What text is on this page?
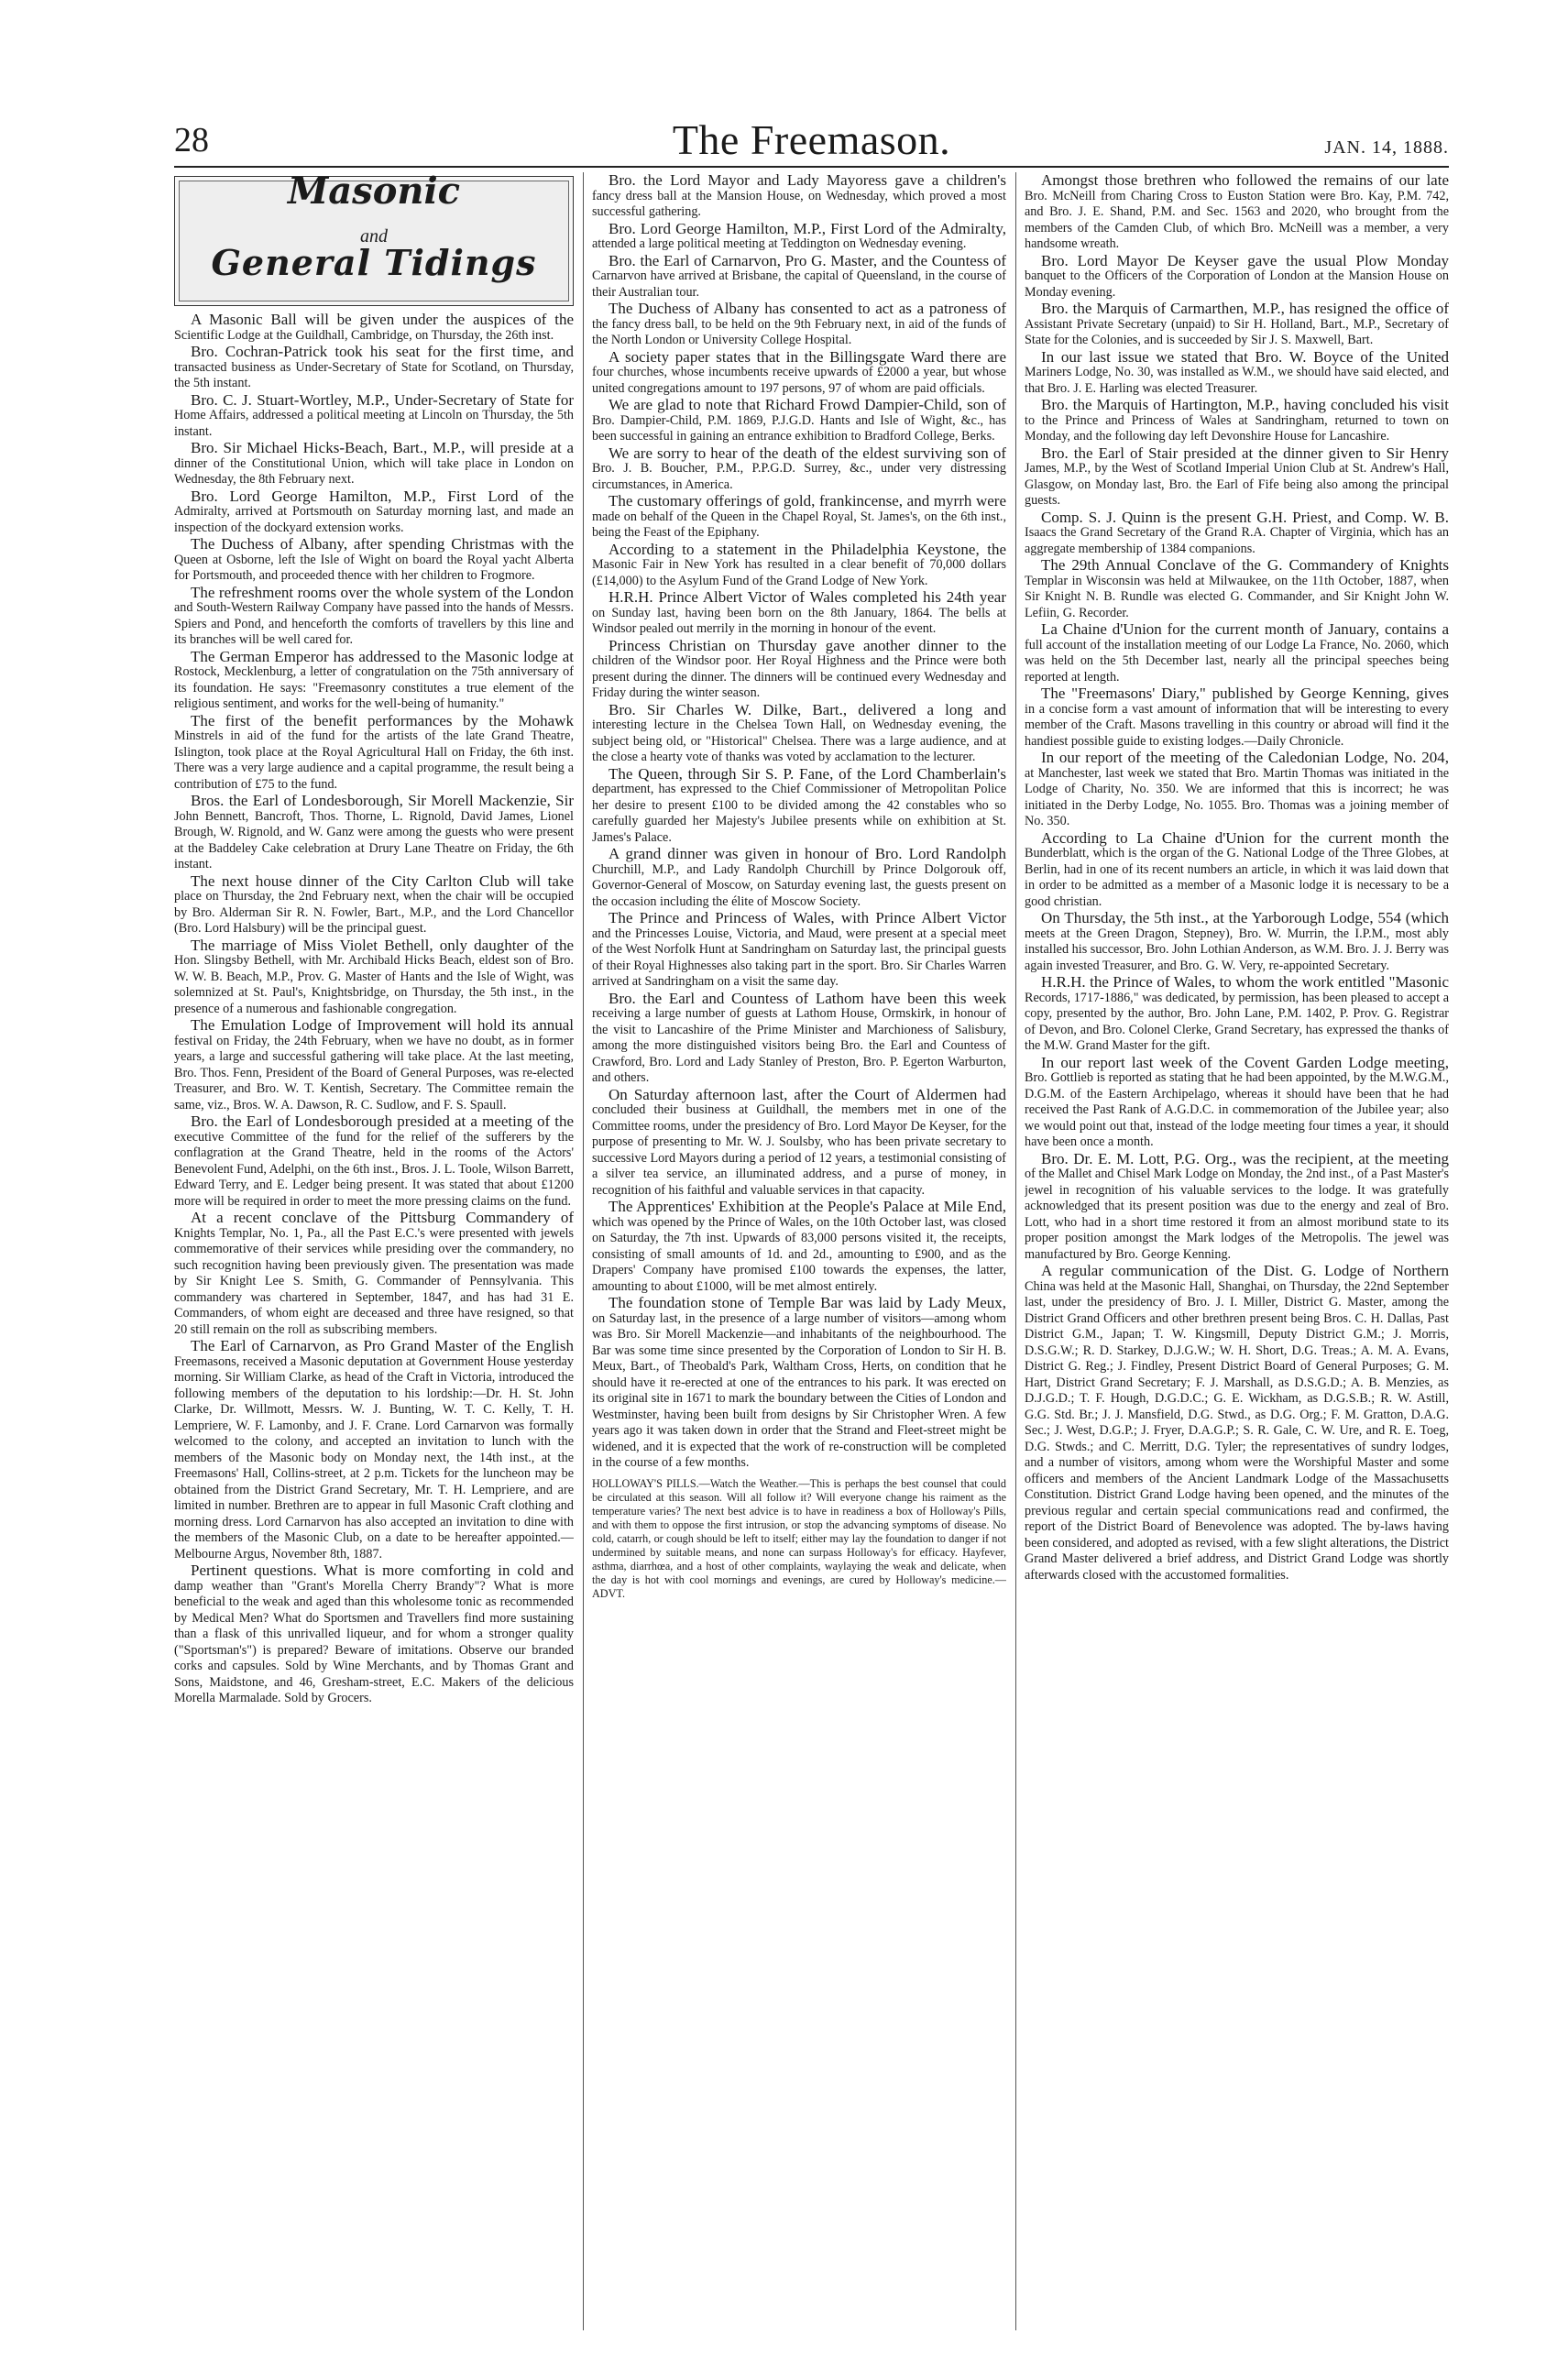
28	The Freemason.	JAN. 14, 1888.
Masonic
and
General Tidings

A Masonic Ball will be given under the auspices of the Scientific Lodge at the Guildhall, Cambridge, on Thursday, the 26th inst.

Bro. Cochran-Patrick took his seat for the first time, and transacted business as Under-Secretary of State for Scotland, on Thursday, the 5th instant.

Bro. C. J. Stuart-Wortley, M.P., Under-Secretary of State for Home Affairs, addressed a political meeting at Lincoln on Thursday, the 5th instant.

Bro. Sir Michael Hicks-Beach, Bart., M.P., will preside at a dinner of the Constitutional Union, which will take place in London on Wednesday, the 8th February next.

Bro. Lord George Hamilton, M.P., First Lord of the Admiralty, arrived at Portsmouth on Saturday morning last, and made an inspection of the dockyard extension works.

The Duchess of Albany, after spending Christmas with the Queen at Osborne, left the Isle of Wight on board the Royal yacht Alberta for Portsmouth, and proceeded thence with her children to Frogmore.

The refreshment rooms over the whole system of the London and South-Western Railway Company have passed into the hands of Messrs. Spiers and Pond, and henceforth the comforts of travellers by this line and its branches will be well cared for.

The German Emperor has addressed to the Masonic lodge at Rostock, Mecklenburg, a letter of congratulation on the 75th anniversary of its foundation. He says: "Freemasonry constitutes a true element of the religious sentiment, and works for the well-being of humanity."

The first of the benefit performances by the Mohawk Minstrels in aid of the fund for the artists of the late Grand Theatre, Islington, took place at the Royal Agricultural Hall on Friday, the 6th inst. There was a very large audience and a capital programme, the result being a contribution of £75 to the fund.

Bros. the Earl of Londesborough, Sir Morell Mackenzie, Sir John Bennett, Bancroft, Thos. Thorne, L. Rignold, David James, Lionel Brough, W. Rignold, and W. Ganz were among the guests who were present at the Baddeley Cake celebration at Drury Lane Theatre on Friday, the 6th instant.

The next house dinner of the City Carlton Club will take place on Thursday, the 2nd February next, when the chair will be occupied by Bro. Alderman Sir R. N. Fowler, Bart., M.P., and the Lord Chancellor (Bro. Lord Halsbury) will be the principal guest.

The marriage of Miss Violet Bethell, only daughter of the Hon. Slingsby Bethell, with Mr. Archibald Hicks Beach, eldest son of Bro. W. W. B. Beach, M.P., Prov. G. Master of Hants and the Isle of Wight, was solemnized at St. Paul's, Knightsbridge, on Thursday, the 5th inst., in the presence of a numerous and fashionable congregation.

The Emulation Lodge of Improvement will hold its annual festival on Friday, the 24th February, when we have no doubt, as in former years, a large and successful gathering will take place. At the last meeting, Bro. Thos. Fenn, President of the Board of General Purposes, was re-elected Treasurer, and Bro. W. T. Kentish, Secretary. The Committee remain the same, viz., Bros. W. A. Dawson, R. C. Sudlow, and F. S. Spaull.

Bro. the Earl of Londesborough presided at a meeting of the executive Committee of the fund for the relief of the sufferers by the conflagration at the Grand Theatre, held in the rooms of the Actors' Benevolent Fund, Adelphi, on the 6th inst., Bros. J. L. Toole, Wilson Barrett, Edward Terry, and E. Ledger being present. It was stated that about £1200 more will be required in order to meet the more pressing claims on the fund.

At a recent conclave of the Pittsburg Commandery of Knights Templar, No. 1, Pa., all the Past E.C.'s were presented with jewels commemorative of their services while presiding over the commandery, no such recognition having been previously given. The presentation was made by Sir Knight Lee S. Smith, G. Commander of Pennsylvania. This commandery was chartered in September, 1847, and has had 31 E. Commanders, of whom eight are deceased and three have resigned, so that 20 still remain on the roll as subscribing members.

The Earl of Carnarvon, as Pro Grand Master of the English Freemasons, received a Masonic deputation at Government House yesterday morning. Sir William Clarke, as head of the Craft in Victoria, introduced the following members of the deputation to his lordship:—Dr. H. St. John Clarke, Dr. Willmott, Messrs. W. J. Bunting, W. T. C. Kelly, T. H. Lempriere, W. F. Lamonby, and J. F. Crane. Lord Carnarvon was formally welcomed to the colony, and accepted an invitation to lunch with the members of the Masonic body on Monday next, the 14th inst., at the Freemasons' Hall, Collins-street, at 2 p.m. Tickets for the luncheon may be obtained from the District Grand Secretary, Mr. T. H. Lempriere, and are limited in number. Brethren are to appear in full Masonic Craft clothing and morning dress. Lord Carnarvon has also accepted an invitation to dine with the members of the Masonic Club, on a date to be hereafter appointed.—Melbourne Argus, November 8th, 1887.

Pertinent questions. What is more comforting in cold and damp weather than "Grant's Morella Cherry Brandy"? What is more beneficial to the weak and aged than this wholesome tonic as recommended by Medical Men? What do Sportsmen and Travellers find more sustaining than a flask of this unrivalled liqueur, and for whom a stronger quality ("Sportsman's") is prepared? Beware of imitations. Observe our branded corks and capsules. Sold by Wine Merchants, and by Thomas Grant and Sons, Maidstone, and 46, Gresham-street, E.C. Makers of the delicious Morella Marmalade. Sold by Grocers.

Bro. the Lord Mayor and Lady Mayoress gave a children's fancy dress ball at the Mansion House, on Wednesday, which proved a most successful gathering.

Bro. Lord George Hamilton, M.P., First Lord of the Admiralty, attended a large political meeting at Teddington on Wednesday evening.

Bro. the Earl of Carnarvon, Pro G. Master, and the Countess of Carnarvon have arrived at Brisbane, the capital of Queensland, in the course of their Australian tour.

The Duchess of Albany has consented to act as a patroness of the fancy dress ball, to be held on the 9th February next, in aid of the funds of the North London or University College Hospital.

A society paper states that in the Billingsgate Ward there are four churches, whose incumbents receive upwards of £2000 a year, but whose united congregations amount to 197 persons, 97 of whom are paid officials.

We are glad to note that Richard Frowd Dampier-Child, son of Bro. Dampier-Child, P.M. 1869, P.J.G.D. Hants and Isle of Wight, &c., has been successful in gaining an entrance exhibition to Bradford College, Berks.

We are sorry to hear of the death of the eldest surviving son of Bro. J. B. Boucher, P.M., P.P.G.D. Surrey, &c., under very distressing circumstances, in America.

The customary offerings of gold, frankincense, and myrrh were made on behalf of the Queen in the Chapel Royal, St. James's, on the 6th inst., being the Feast of the Epiphany.

According to a statement in the Philadelphia Keystone, the Masonic Fair in New York has resulted in a clear benefit of 70,000 dollars (£14,000) to the Asylum Fund of the Grand Lodge of New York.

H.R.H. Prince Albert Victor of Wales completed his 24th year on Sunday last, having been born on the 8th January, 1864. The bells at Windsor pealed out merrily in the morning in honour of the event.

Princess Christian on Thursday gave another dinner to the children of the Windsor poor. Her Royal Highness and the Prince were both present during the dinner. The dinners will be continued every Wednesday and Friday during the winter season.

Bro. Sir Charles W. Dilke, Bart., delivered a long and interesting lecture in the Chelsea Town Hall, on Wednesday evening, the subject being old, or "Historical" Chelsea. There was a large audience, and at the close a hearty vote of thanks was voted by acclamation to the lecturer.

The Queen, through Sir S. P. Fane, of the Lord Chamberlain's department, has expressed to the Chief Commissioner of Metropolitan Police her desire to present £100 to be divided among the 42 constables who so carefully guarded her Majesty's Jubilee presents while on exhibition at St. James's Palace.

A grand dinner was given in honour of Bro. Lord Randolph Churchill, M.P., and Lady Randolph Churchill by Prince Dolgorouk off, Governor-General of Moscow, on Saturday evening last, the guests present on the occasion including the élite of Moscow Society.

The Prince and Princess of Wales, with Prince Albert Victor and the Princesses Louise, Victoria, and Maud, were present at a special meet of the West Norfolk Hunt at Sandringham on Saturday last, the principal guests of their Royal Highnesses also taking part in the sport. Bro. Sir Charles Warren arrived at Sandringham on a visit the same day.

Bro. the Earl and Countess of Lathom have been this week receiving a large number of guests at Lathom House, Ormskirk, in honour of the visit to Lancashire of the Prime Minister and Marchioness of Salisbury, among the more distinguished visitors being Bro. the Earl and Countess of Crawford, Bro. Lord and Lady Stanley of Preston, Bro. P. Egerton Warburton, and others.

On Saturday afternoon last, after the Court of Aldermen had concluded their business at Guildhall, the members met in one of the Committee rooms, under the presidency of Bro. Lord Mayor De Keyser, for the purpose of presenting to Mr. W. J. Soulsby, who has been private secretary to successive Lord Mayors during a period of 12 years, a testimonial consisting of a silver tea service, an illuminated address, and a purse of money, in recognition of his faithful and valuable services in that capacity.

The Apprentices' Exhibition at the People's Palace at Mile End, which was opened by the Prince of Wales, on the 10th October last, was closed on Saturday, the 7th inst. Upwards of 83,000 persons visited it, the receipts, consisting of small amounts of 1d. and 2d., amounting to £900, and as the Drapers' Company have promised £100 towards the expenses, the latter, amounting to about £1000, will be met almost entirely.

The foundation stone of Temple Bar was laid by Lady Meux, on Saturday last, in the presence of a large number of visitors—among whom was Bro. Sir Morell Mackenzie—and inhabitants of the neighbourhood. The Bar was some time since presented by the Corporation of London to Sir H. B. Meux, Bart., of Theobald's Park, Waltham Cross, Herts, on condition that he should have it re-erected at one of the entrances to his park. It was erected on its original site in 1671 to mark the boundary between the Cities of London and Westminster, having been built from designs by Sir Christopher Wren. A few years ago it was taken down in order that the Strand and Fleet-street might be widened, and it is expected that the work of re-construction will be completed in the course of a few months.

HOLLOWAY'S PILLS.—Watch the Weather.—This is perhaps the best counsel that could be circulated at this season. Will all follow it? Will everyone change his raiment as the temperature varies? The next best advice is to have in readiness a box of Holloway's Pills, and with them to oppose the first intrusion, or stop the advancing symptoms of disease. No cold, catarrh, or cough should be left to itself; either may lay the foundation to danger if not undermined by suitable means, and none can surpass Holloway's for efficacy. Hayfever, asthma, diarrhœa, and a host of other complaints, waylaying the weak and delicate, when the day is hot with cool mornings and evenings, are cured by Holloway's medicine.—ADVT.

Amongst those brethren who followed the remains of our late Bro. McNeill from Charing Cross to Euston Station were Bro. Kay, P.M. 742, and Bro. J. E. Shand, P.M. and Sec. 1563 and 2020, who brought from the members of the Camden Club, of which Bro. McNeill was a member, a very handsome wreath.

Bro. Lord Mayor De Keyser gave the usual Plow Monday banquet to the Officers of the Corporation of London at the Mansion House on Monday evening.

Bro. the Marquis of Carmarthen, M.P., has resigned the office of Assistant Private Secretary (unpaid) to Sir H. Holland, Bart., M.P., Secretary of State for the Colonies, and is succeeded by Sir J. S. Maxwell, Bart.

In our last issue we stated that Bro. W. Boyce of the United Mariners Lodge, No. 30, was installed as W.M., we should have said elected, and that Bro. J. E. Harling was elected Treasurer.

Bro. the Marquis of Hartington, M.P., having concluded his visit to the Prince and Princess of Wales at Sandringham, returned to town on Monday, and the following day left Devonshire House for Lancashire.

Bro. the Earl of Stair presided at the dinner given to Sir Henry James, M.P., by the West of Scotland Imperial Union Club at St. Andrew's Hall, Glasgow, on Monday last, Bro. the Earl of Fife being also among the principal guests.

Comp. S. J. Quinn is the present G.H. Priest, and Comp. W. B. Isaacs the Grand Secretary of the Grand R.A. Chapter of Virginia, which has an aggregate membership of 1384 companions.

The 29th Annual Conclave of the G. Commandery of Knights Templar in Wisconsin was held at Milwaukee, on the 11th October, 1887, when Sir Knight N. B. Rundle was elected G. Commander, and Sir Knight John W. Lefiin, G. Recorder.

La Chaine d'Union for the current month of January, contains a full account of the installation meeting of our Lodge La France, No. 2060, which was held on the 5th December last, nearly all the principal speeches being reported at length.

The "Freemasons' Diary," published by George Kenning, gives in a concise form a vast amount of information that will be interesting to every member of the Craft. Masons travelling in this country or abroad will find it the handiest possible guide to existing lodges.—Daily Chronicle.

In our report of the meeting of the Caledonian Lodge, No. 204, at Manchester, last week we stated that Bro. Martin Thomas was initiated in the Lodge of Charity, No. 350. We are informed that this is incorrect; he was initiated in the Derby Lodge, No. 1055. Bro. Thomas was a joining member of No. 350.

According to La Chaine d'Union for the current month the Bunderblatt, which is the organ of the G. National Lodge of the Three Globes, at Berlin, had in one of its recent numbers an article, in which it was laid down that in order to be admitted as a member of a Masonic lodge it is necessary to be a good christian.

On Thursday, the 5th inst., at the Yarborough Lodge, 554 (which meets at the Green Dragon, Stepney), Bro. W. Murrin, the I.P.M., most ably installed his successor, Bro. John Lothian Anderson, as W.M. Bro. J. J. Berry was again invested Treasurer, and Bro. G. W. Very, re-appointed Secretary.

H.R.H. the Prince of Wales, to whom the work entitled "Masonic Records, 1717-1886," was dedicated, by permission, has been pleased to accept a copy, presented by the author, Bro. John Lane, P.M. 1402, P. Prov. G. Registrar of Devon, and Bro. Colonel Clerke, Grand Secretary, has expressed the thanks of the M.W. Grand Master for the gift.

In our report last week of the Covent Garden Lodge meeting, Bro. Gottlieb is reported as stating that he had been appointed, by the M.W.G.M., D.G.M. of the Eastern Archipelago, whereas it should have been that he had received the Past Rank of A.G.D.C. in commemoration of the Jubilee year; also we would point out that, instead of the lodge meeting four times a year, it should have been once a month.

Bro. Dr. E. M. Lott, P.G. Org., was the recipient, at the meeting of the Mallet and Chisel Mark Lodge on Monday, the 2nd inst., of a Past Master's jewel in recognition of his valuable services to the lodge. It was gratefully acknowledged that its present position was due to the energy and zeal of Bro. Lott, who had in a short time restored it from an almost moribund state to its proper position amongst the Mark lodges of the Metropolis. The jewel was manufactured by Bro. George Kenning.

A regular communication of the Dist. G. Lodge of Northern China was held at the Masonic Hall, Shanghai, on Thursday, the 22nd September last, under the presidency of Bro. J. I. Miller, District G. Master, among the District Grand Officers and other brethren present being Bros. C. H. Dallas, Past District G.M., Japan; T. W. Kingsmill, Deputy District G.M.; J. Morris, D.S.G.W.; R. D. Starkey, D.J.G.W.; W. H. Short, D.G. Treas.; A. M. A. Evans, District G. Reg.; J. Findley, Present District Board of General Purposes; G. M. Hart, District Grand Secretary; F. J. Marshall, as D.S.G.D.; A. B. Menzies, as D.J.G.D.; T. F. Hough, D.G.D.C.; G. E. Wickham, as D.G.S.B.; R. W. Astill, G.G. Std. Br.; J. J. Mansfield, D.G. Stwd., as D.G. Org.; F. M. Gratton, D.A.G. Sec.; J. West, D.G.P.; J. Fryer, D.A.G.P.; S. R. Gale, C. W. Ure, and R. E. Toeg, D.G. Stwds.; and C. Merritt, D.G. Tyler; the representatives of sundry lodges, and a number of visitors, among whom were the Worshipful Master and some officers and members of the Ancient Landmark Lodge of the Massachusetts Constitution. District Grand Lodge having been opened, and the minutes of the previous regular and certain special communications read and confirmed, the report of the District Board of Benevolence was adopted. The by-laws having been considered, and adopted as revised, with a few slight alterations, the District Grand Master delivered a brief address, and District Grand Lodge was shortly afterwards closed with the accustomed formalities.
